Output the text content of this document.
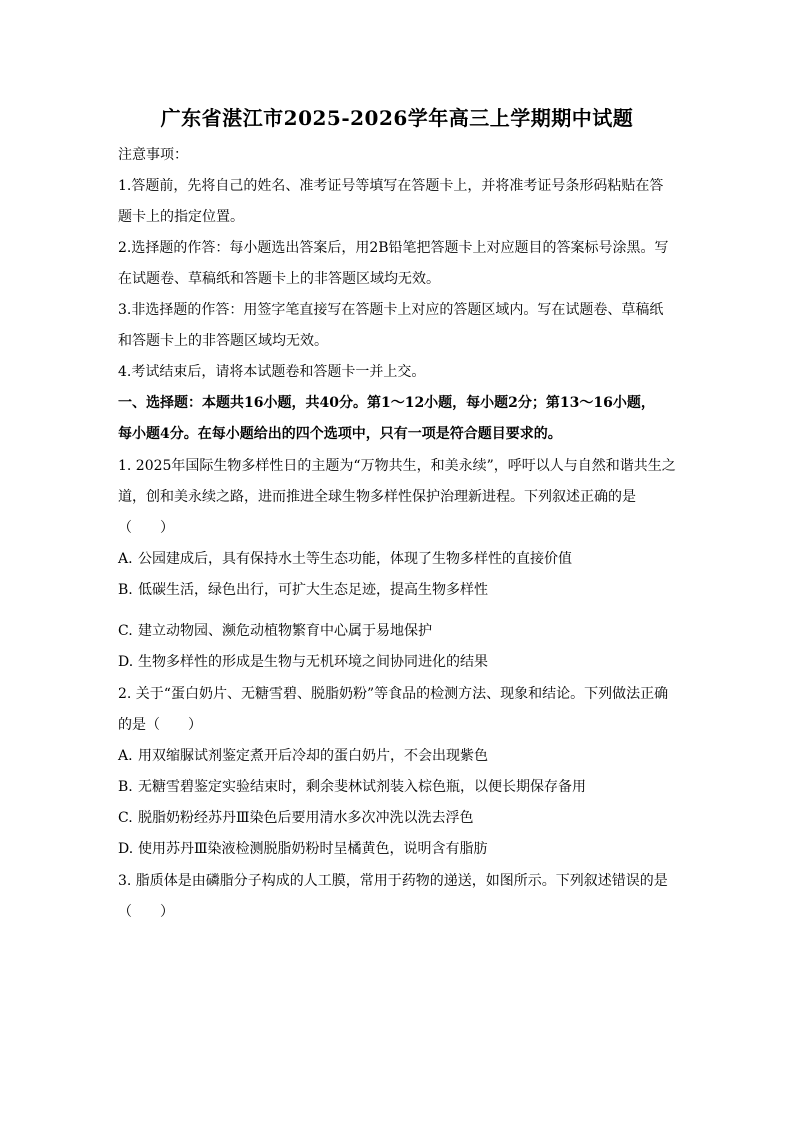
广东省湛江市2025-2026学年高三上学期期中试题
注意事项：
1.答题前，先将自己的姓名、准考证号等填写在答题卡上，并将准考证号条形码粘贴在答
题卡上的指定位置。
2.选择题的作答：每小题选出答案后，用2B铅笔把答题卡上对应题目的答案标号涂黑。写
在试题卷、草稿纸和答题卡上的非答题区域均无效。
3.非选择题的作答：用签字笔直接写在答题卡上对应的答题区域内。写在试题卷、草稿纸
和答题卡上的非答题区域均无效。
4.考试结束后，请将本试题卷和答题卡一并上交。
一、选择题：本题共16小题，共40分。第1～12小题，每小题2分；第13～16小题，
每小题4分。在每小题给出的四个选项中，只有一项是符合题目要求的。
1. 2025年国际生物多样性日的主题为“万物共生，和美永续”，呼吁以人与自然和谐共生之
道，创和美永续之路，进而推进全球生物多样性保护治理新进程。下列叙述正确的是
（　　）
A. 公园建成后，具有保持水土等生态功能，体现了生物多样性的直接价值
B. 低碳生活，绿色出行，可扩大生态足迹，提高生物多样性
C. 建立动物园、濒危动植物繁育中心属于易地保护
D. 生物多样性的形成是生物与无机环境之间协同进化的结果
2. 关于“蛋白奶片、无糖雪碧、脱脂奶粉”等食品的检测方法、现象和结论。下列做法正确
的是（　　）
A. 用双缩脲试剂鉴定煮开后冷却的蛋白奶片，不会出现紫色
B. 无糖雪碧鉴定实验结束时，剩余斐林试剂装入棕色瓶，以便长期保存备用
C. 脱脂奶粉经苏丹Ⅲ染色后要用清水多次冲洗以洗去浮色
D. 使用苏丹Ⅲ染液检测脱脂奶粉时呈橘黄色，说明含有脂肪
3. 脂质体是由磷脂分子构成的人工膜，常用于药物的递送，如图所示。下列叙述错误的是
（　　）
